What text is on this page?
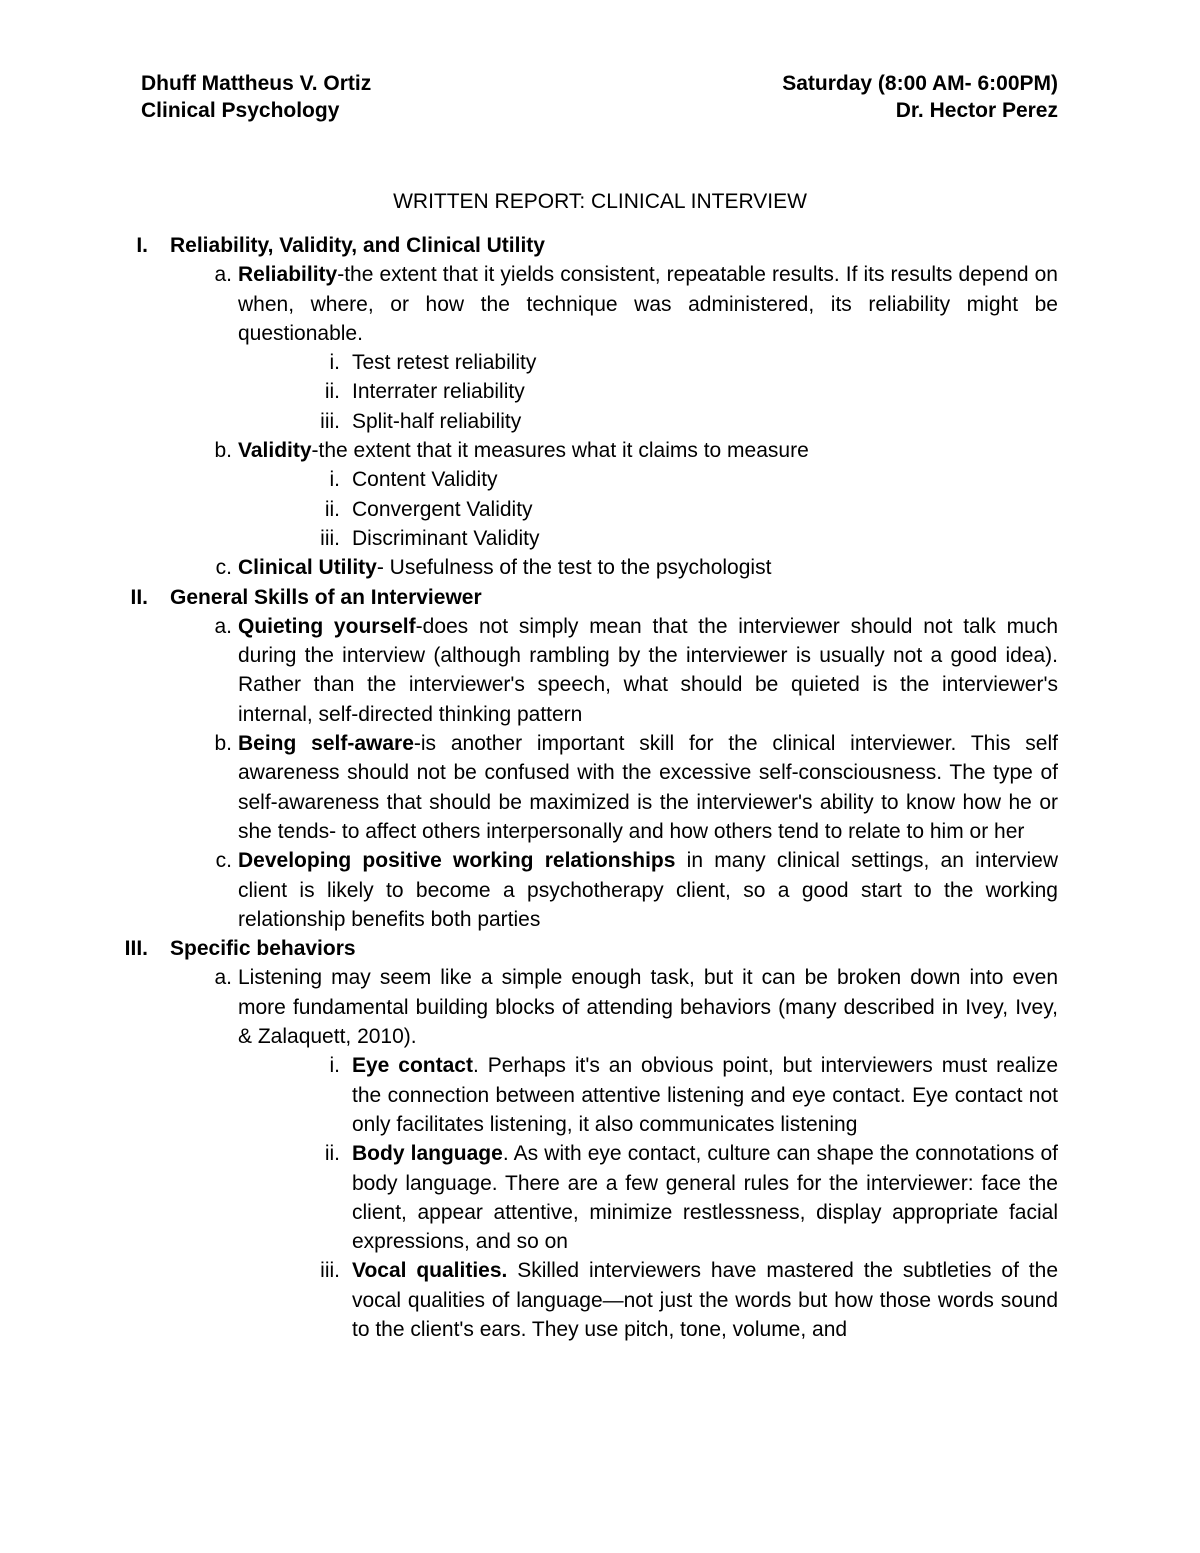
Dhuff Mattheus V. Ortiz
Clinical Psychology
Saturday (8:00 AM- 6:00PM)
Dr. Hector Perez
WRITTEN REPORT: CLINICAL INTERVIEW
I. Reliability, Validity, and Clinical Utility
a. Reliability-the extent that it yields consistent, repeatable results. If its results depend on when, where, or how the technique was administered, its reliability might be questionable.
i. Test retest reliability
ii. Interrater reliability
iii. Split-half reliability
b. Validity-the extent that it measures what it claims to measure
i. Content Validity
ii. Convergent Validity
iii. Discriminant Validity
c. Clinical Utility- Usefulness of the test to the psychologist
II. General Skills of an Interviewer
a. Quieting yourself-does not simply mean that the interviewer should not talk much during the interview (although rambling by the interviewer is usually not a good idea). Rather than the interviewer's speech, what should be quieted is the interviewer's internal, self-directed thinking pattern
b. Being self-aware-is another important skill for the clinical interviewer. This self awareness should not be confused with the excessive self-consciousness. The type of self-awareness that should be maximized is the interviewer's ability to know how he or she tends- to affect others interpersonally and how others tend to relate to him or her
c. Developing positive working relationships in many clinical settings, an interview client is likely to become a psychotherapy client, so a good start to the working relationship benefits both parties
III. Specific behaviors
a. Listening may seem like a simple enough task, but it can be broken down into even more fundamental building blocks of attending behaviors (many described in Ivey, Ivey, & Zalaquett, 2010).
i. Eye contact. Perhaps it's an obvious point, but interviewers must realize the connection between attentive listening and eye contact. Eye contact not only facilitates listening, it also communicates listening
ii. Body language. As with eye contact, culture can shape the connotations of body language. There are a few general rules for the interviewer: face the client, appear attentive, minimize restlessness, display appropriate facial expressions, and so on
iii. Vocal qualities. Skilled interviewers have mastered the subtleties of the vocal qualities of language—not just the words but how those words sound to the client's ears. They use pitch, tone, volume, and
